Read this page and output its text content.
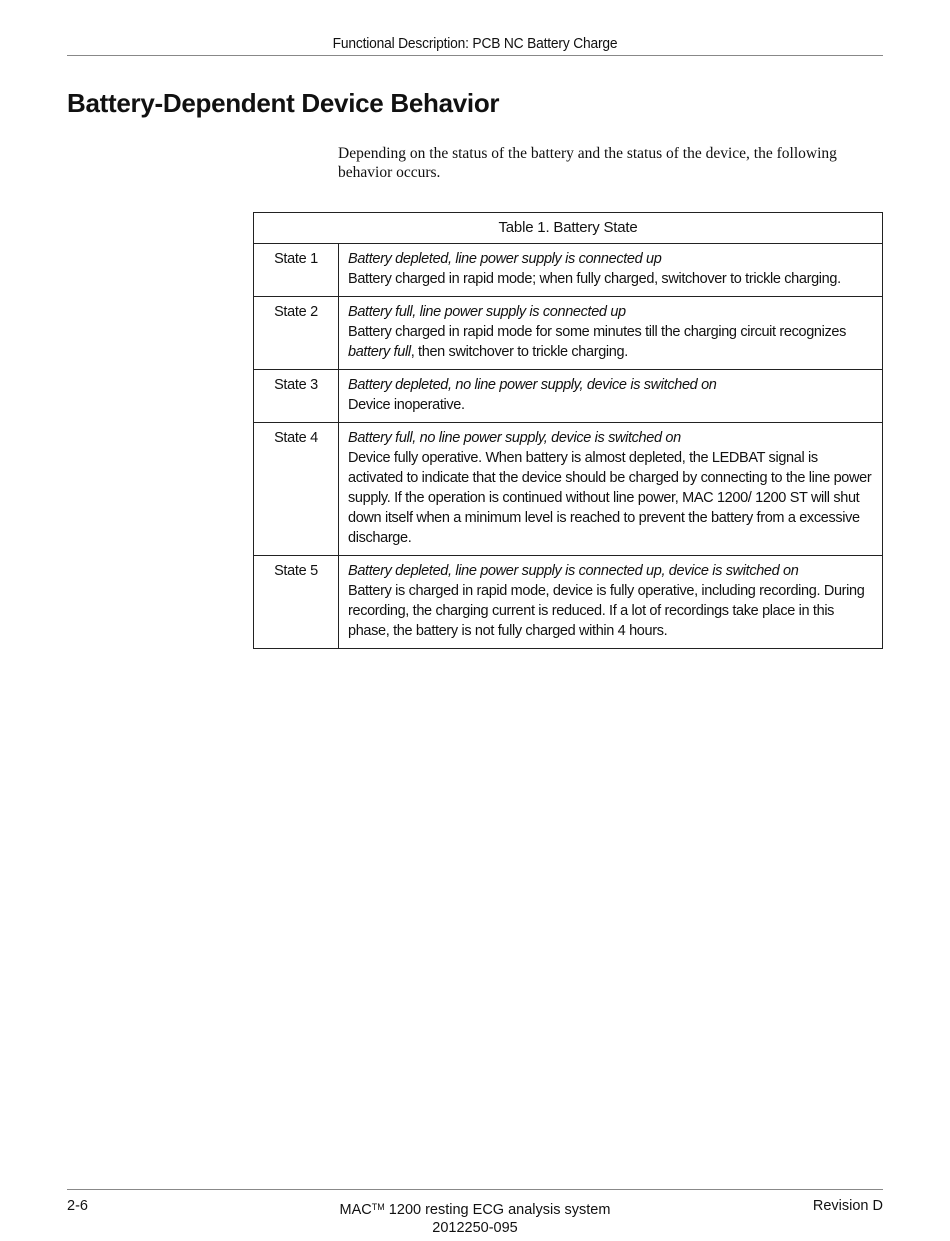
Functional Description: PCB NC Battery Charge
Battery-Dependent Device Behavior

Depending on the status of the battery and the status of the device, the following behavior occurs.

Table 1. Battery State	
State 1	Battery depleted, line power supply is connected up
Battery charged in rapid mode; when fully charged, switchover to trickle charging.

State 2	Battery full, line power supply is connected up
Battery charged in rapid mode for some minutes till the charging circuit recognizes battery full, then switchover to trickle charging.

State 3	Battery depleted, no line power supply, device is switched on
Device inoperative.

State 4	Battery full, no line power supply, device is switched on
Device fully operative. When battery is almost depleted, the LEDBAT signal is activated to indicate that the device should be charged by connecting to the line power supply. If the operation is continued without line power, MAC 1200/ 1200 ST will shut down itself when a minimum level is reached to prevent the battery from a excessive discharge.

State 5	Battery depleted, line power supply is connected up, device is switched on
Battery is charged in rapid mode, device is fully operative, including recording. During recording, the charging current is reduced. If a lot of recordings take place in this phase, the battery is not fully charged within 4 hours.
2-6	MAC™ 1200 resting ECG analysis system
2012250-095
Revision D
